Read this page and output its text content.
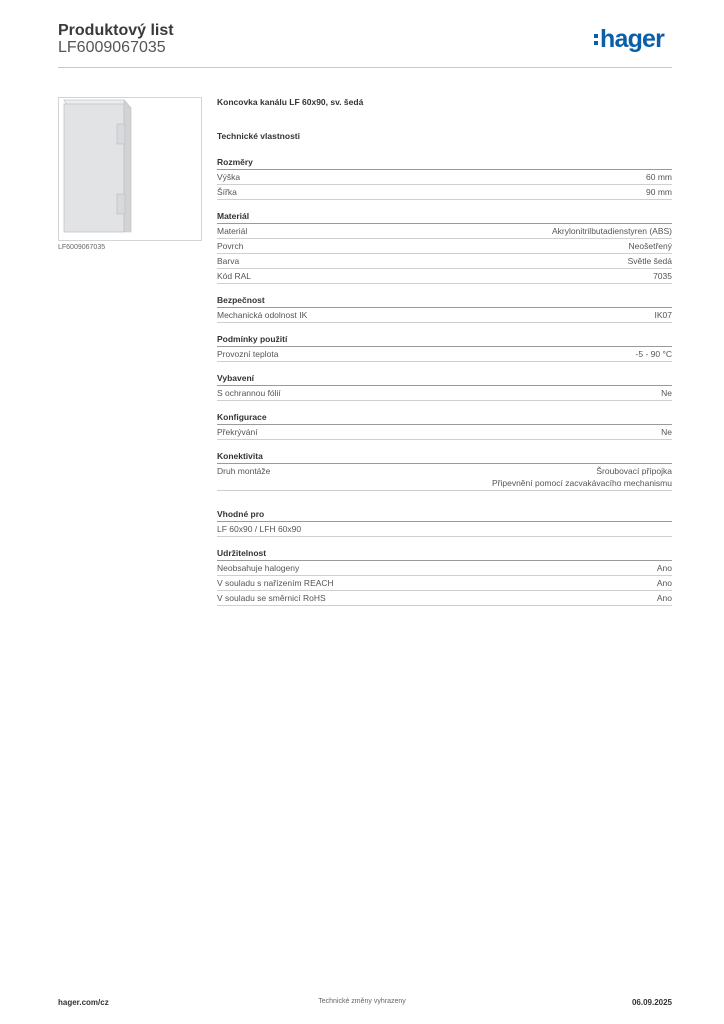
Produktový list
LF6009067035	hager
LF6009067035
Koncovka kanálu LF 60x90, sv. šedá
Technické vlastnosti
Rozměry
Výška	60 mm
Šířka	90 mm
Materiál
Materiál	Akrylonitrilbutadienstyren (ABS)
Povrch	Neošetřený
Barva	Světle šedá
Kód RAL	7035
Bezpečnost
Mechanická odolnost IK	IK07
Podmínky použití
Provozní teplota	-5 - 90 °C
Vybavení
S ochrannou fólií	Ne
Konfigurace
Překrývání	Ne
Konektivita
Druh montáže	Šroubovací přípojka
Připevnění pomocí zacvakávacího mechanismu
Vhodné pro
LF 60x90 / LFH 60x90
Udržitelnost
Neobsahuje halogeny	Ano
V souladu s nařízením REACH	Ano
V souladu se směrnicí RoHS	Ano
hager.com/cz	Technické změny vyhrazeny	06.09.2025
